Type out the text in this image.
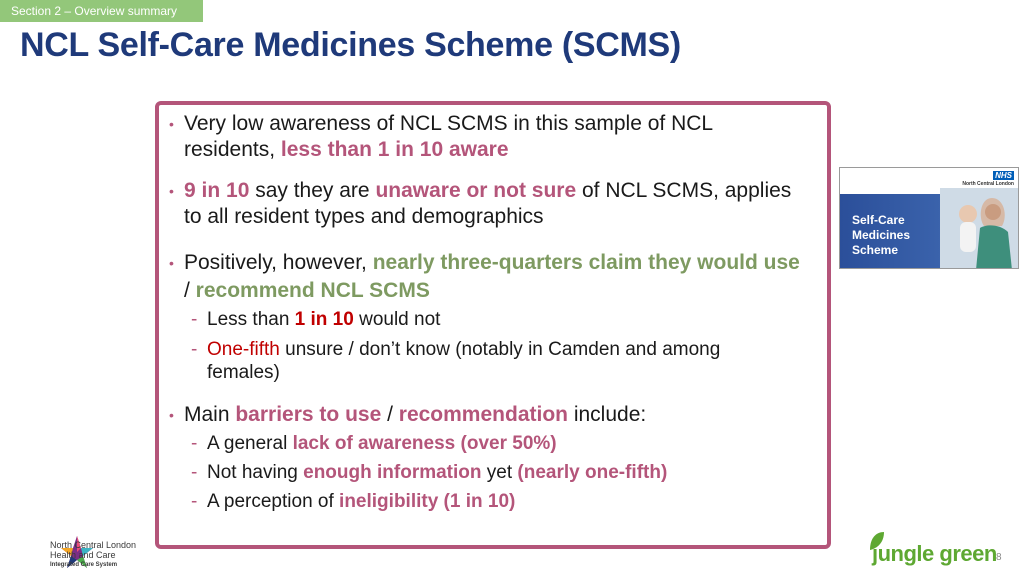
Section 2 – Overview summary
NCL Self-Care Medicines Scheme (SCMS)
• Very low awareness of NCL SCMS in this sample of NCL residents, less than 1 in 10 aware
• 9 in 10 say they are unaware or not sure of NCL SCMS, applies to all resident types and demographics
• Positively, however, nearly three-quarters claim they would use / recommend NCL SCMS
- Less than 1 in 10 would not
- One-fifth unsure / don’t know (notably in Camden and among females)
• Main barriers to use / recommendation include:
- A general lack of awareness (over 50%)
- Not having enough information yet (nearly one-fifth)
- A perception of ineligibility (1 in 10)
Self-Care
Medicines
Scheme
NHS
North Central London
North Central London
Health and Care
Integrated Care System	jungle green 8
